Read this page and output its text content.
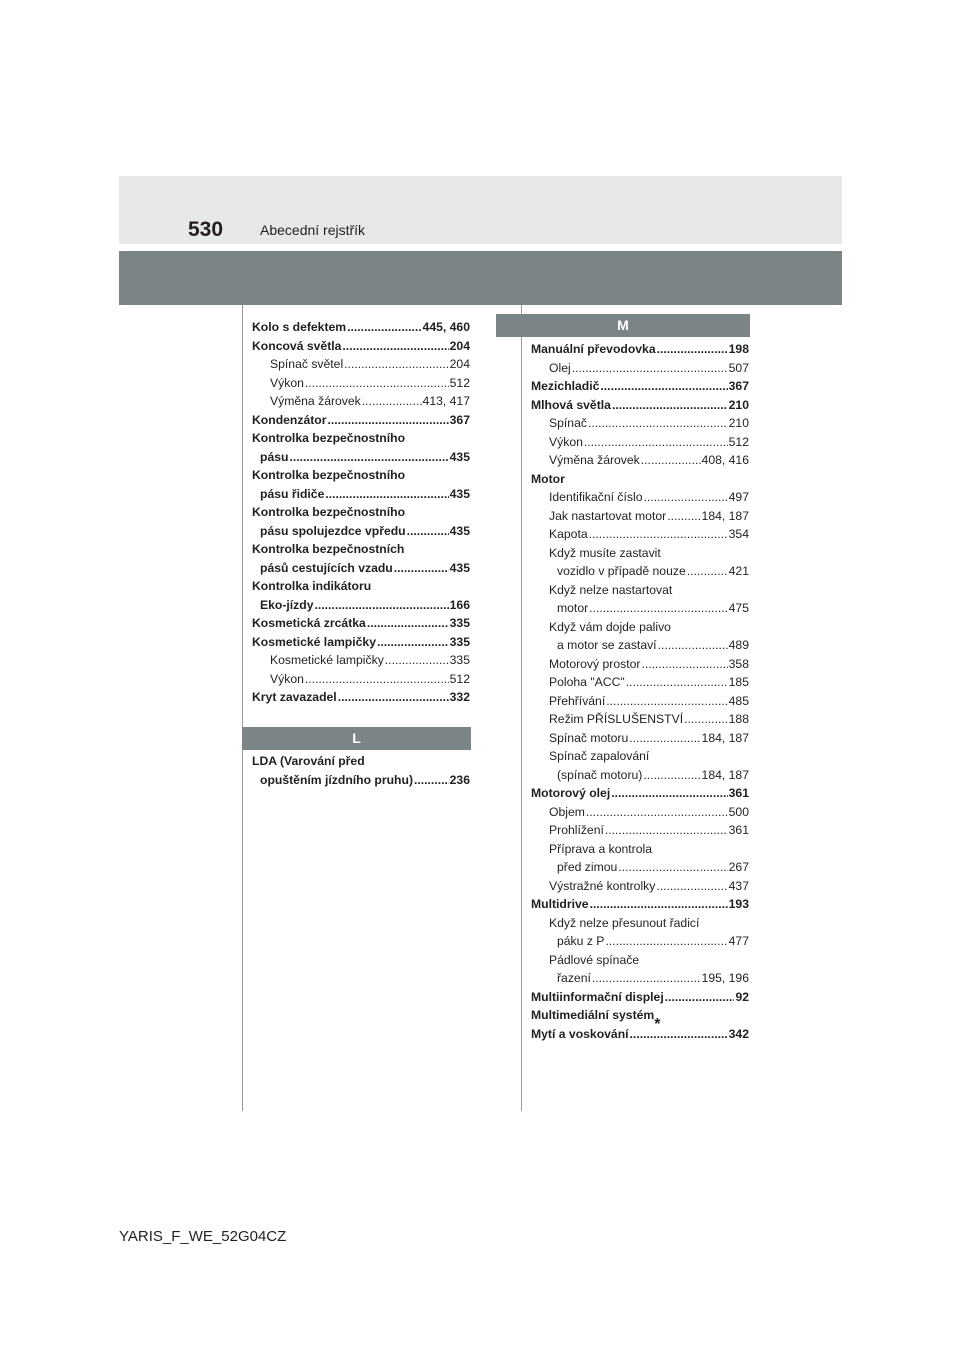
530	Abecední rejstřík
Kolo s defektem .....	445, 460
Koncová světla .....	204
Spínač světel .....	204
Výkon .....	512
Výměna žárovek .....	413, 417
Kondenzátor .....	367
Kontrolka bezpečnostního
pásu .....	435
Kontrolka bezpečnostního
pásu řidiče .....	435
Kontrolka bezpečnostního
pásu spolujezdce vpředu .....	435
Kontrolka bezpečnostních
pásů cestujících vzadu .....	435
Kontrolka indikátoru
Eko-jízdy .....	166
Kosmetická zrcátka .....	335
Kosmetické lampičky .....	335
Kosmetické lampičky .....	335
Výkon .....	512
Kryt zavazadel .....	332
L
LDA (Varování před
opuštěním jízdního pruhu) .....	236
M
Manuální převodovka .....	198
Olej .....	507
Mezichladič .....	367
Mlhová světla .....	210
Spínač .....	210
Výkon .....	512
Výměna žárovek .....	408, 416
Motor
Identifikační číslo .....	497
Jak nastartovat motor .....	184, 187
Kapota .....	354
Když musíte zastavit
vozidlo v případě nouze .....	421
Když nelze nastartovat
motor .....	475
Když vám dojde palivo
a motor se zastaví .....	489
Motorový prostor .....	358
Poloha "ACC" .....	185
Přehřívání .....	485
Režim PŘÍSLUŠENSTVÍ .....	188
Spínač motoru .....	184, 187
Spínač zapalování
(spínač motoru) .....	184, 187
Motorový olej .....	361
Objem .....	500
Prohlížení .....	361
Příprava a kontrola
před zimou .....	267
Výstražné kontrolky .....	437
Multidrive .....	193
Když nelze přesunout řadicí
páku z P .....	477
Pádlové spínače
řazení .....	195, 196
Multiinformační displej .....	92
Multimediální systém
*
Mytí a voskování .....	342
YARIS_F_WE_52G04CZ
